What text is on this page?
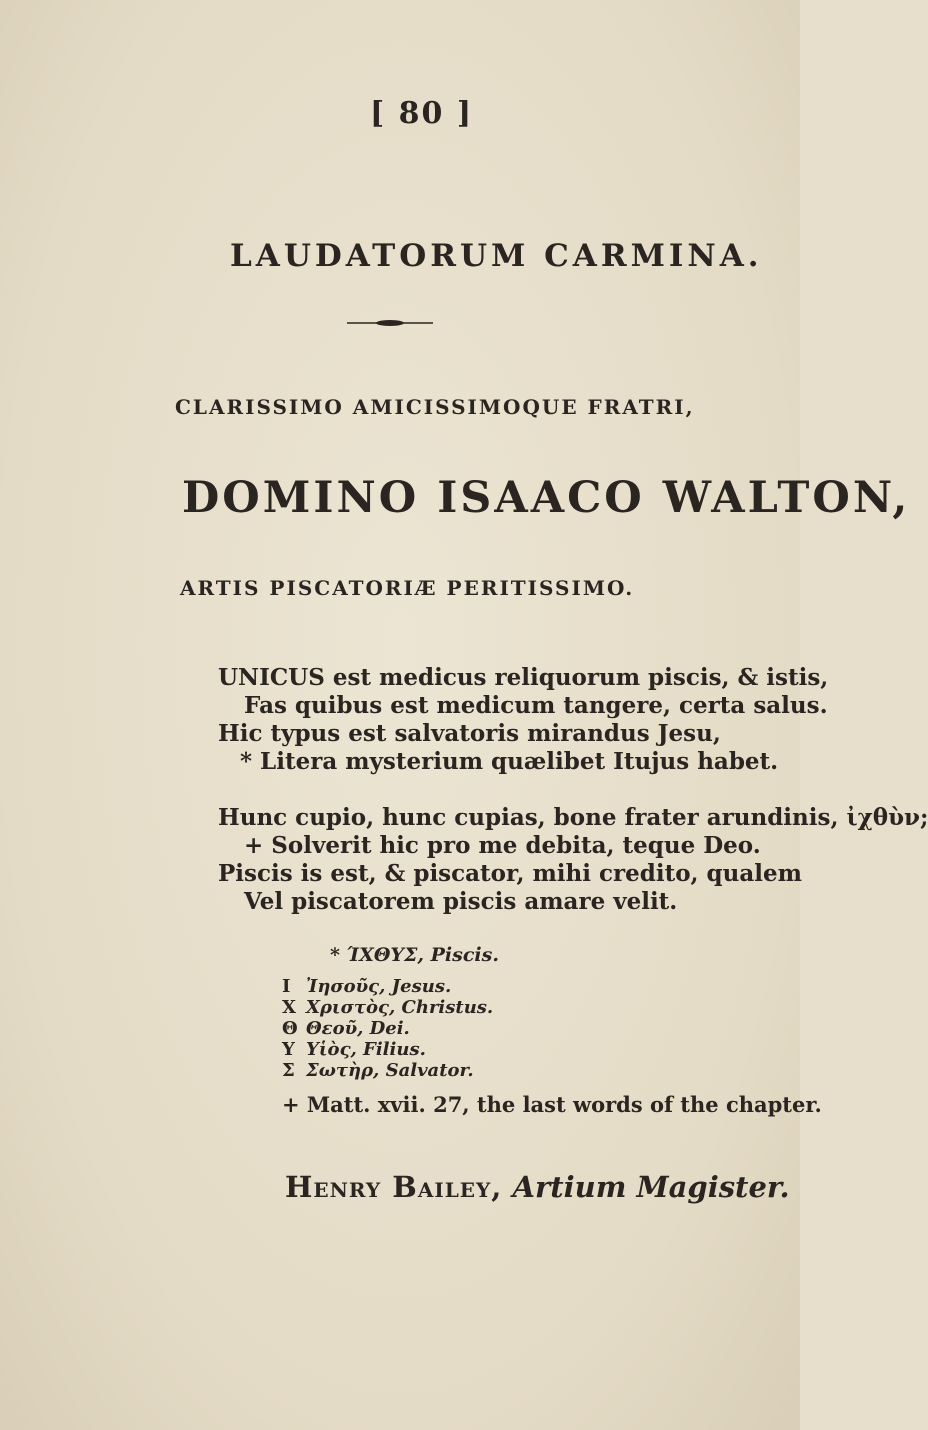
[ 80 ]
LAUDATORUM CARMINA.
CLARISSIMO AMICISSIMOQUE FRATRI,
DOMINO ISAACO WALTON,
ARTIS PISCATORIÆ PERITISSIMO.
UNICUS est medicus reliquorum piscis, & istis,
Fas quibus est medicum tangere, certa salus.
Hic typus est salvatoris mirandus Jesu,
* Litera mysterium quælibet Itujus habet.
Hunc cupio, hunc cupias, bone frater arundinis, ἰχθὺν;
+ Solverit hic pro me debita, teque Deo.
Piscis is est, & piscator, mihi credito, qualem
Vel piscatorem piscis amare velit.
* ΊΧΘΥΣ, Piscis.
Ι Ἰησοῦς, Jesus.
Χ Χριστὸς, Christus.
Θ Θεοῦ, Dei.
Υ Υἱὸς, Filius.
Σ Σωτὴρ, Salvator.
+ Matt. xvii. 27, the last words of the chapter.
Henry Bailey, Artium Magister.
